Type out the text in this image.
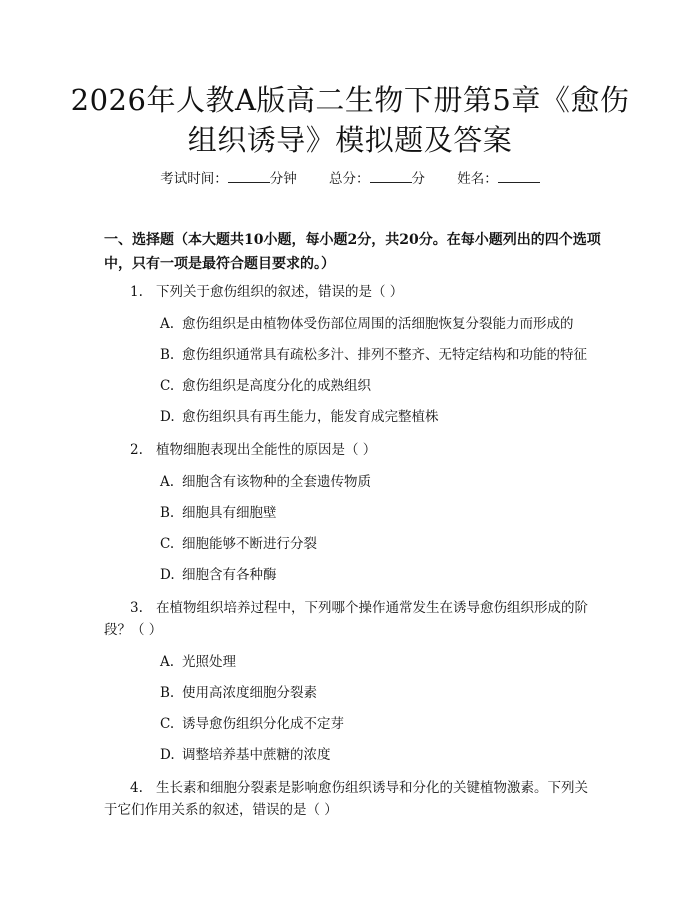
2026年人教A版高二生物下册第5章《愈伤
组织诱导》模拟题及答案
考试时间：	分钟 总分：	分 姓名：
一、选择题（本大题共10小题，每小题2分，共20分。在每小题列出的四个选项中，只有一项是最符合题目要求的。）
1. 下列关于愈伤组织的叙述，错误的是（ ）
A. 愈伤组织是由植物体受伤部位周围的活细胞恢复分裂能力而形成的
B. 愈伤组织通常具有疏松多汁、排列不整齐、无特定结构和功能的特征
C. 愈伤组织是高度分化的成熟组织
D. 愈伤组织具有再生能力，能发育成完整植株
2. 植物细胞表现出全能性的原因是（ ）
A. 细胞含有该物种的全套遗传物质
B. 细胞具有细胞壁
C. 细胞能够不断进行分裂
D. 细胞含有各种酶
3. 在植物组织培养过程中，下列哪个操作通常发生在诱导愈伤组织形成的阶
段？（ ）
A. 光照处理
B. 使用高浓度细胞分裂素
C. 诱导愈伤组织分化成不定芽
D. 调整培养基中蔗糖的浓度
4. 生长素和细胞分裂素是影响愈伤组织诱导和分化的关键植物激素。下列关
于它们作用关系的叙述，错误的是（ ）
